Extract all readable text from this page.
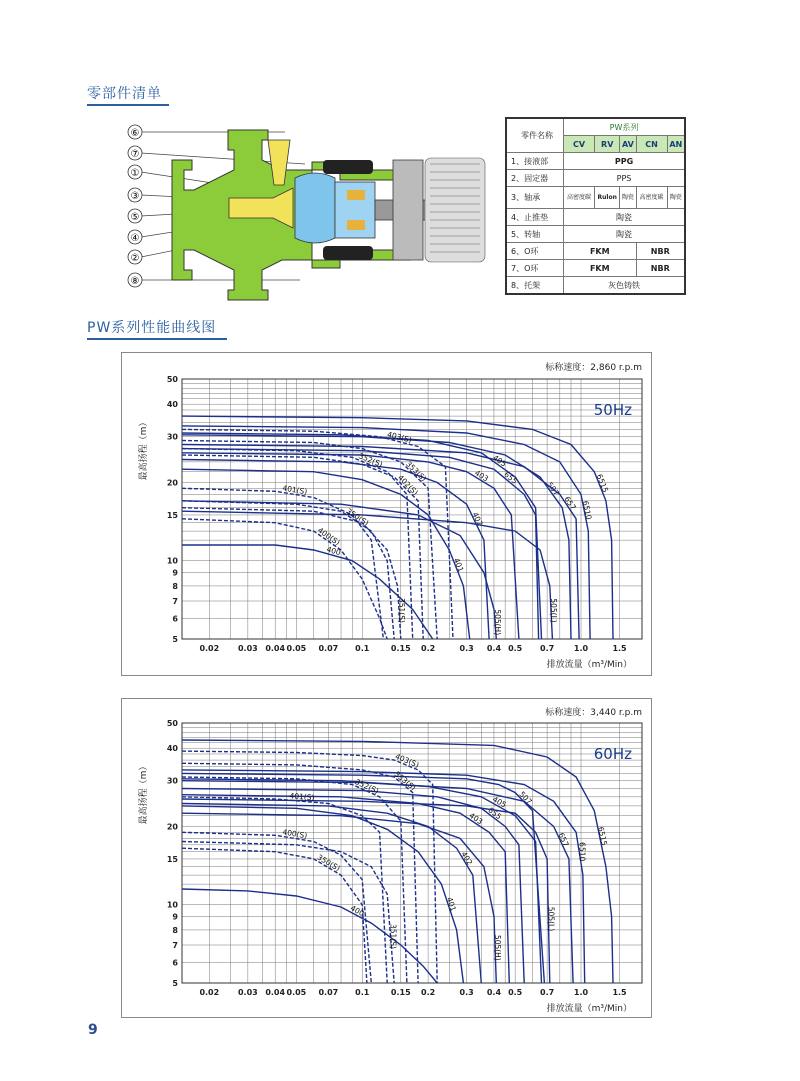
零部件清单
PW系列性能曲线图
⑥
⑦
①
③
⑤
④
②
⑧
零件名称	PW系列				
	CV	RV	AV	CN	AN
1、接液部	PPG				
2、固定器	PPS				
3、轴承	高密度碳	Rulon	陶瓷	高密度碳	陶瓷
4、止推垫	陶瓷				
5、转轴	陶瓷				
6、O环	FKM			NBR	
7、O环	FKM			NBR	
8、托架	灰色铸铁				
0.02 0.03 0.04 0.05 0.07 0.1	0.15 0.2	0.3 0.4 0.5 0.7 1.0	1.5
5
6
7
8
9
10
15
20
30
40
50
排放流量（m³/Min）
最高扬程（m）
标称速度：2,860 r.p.m
50Hz
6515
6510
507
657
405
655
403
402
401
400
505(H)	505(L)
403(S)
353(S)
352(S)
402(S)
401(S)
400(S)
350(S)
351(S)
0.02 0.03 0.04 0.05 0.07 0.1	0.15 0.2	0.3 0.4 0.5 0.7 1.0	1.5
5
6
7
8
9
10
15
20
30
40
50
排放流量（m³/Min）
最高扬程（m）
标称速度：3,440 r.p.m
60Hz
6515
6510
507
657
405
655
403
402
401
400
505(H)
505(L)
403(S)
353(S)
352(S)
401(S)
400(S)
350(S)
351(S)
9
